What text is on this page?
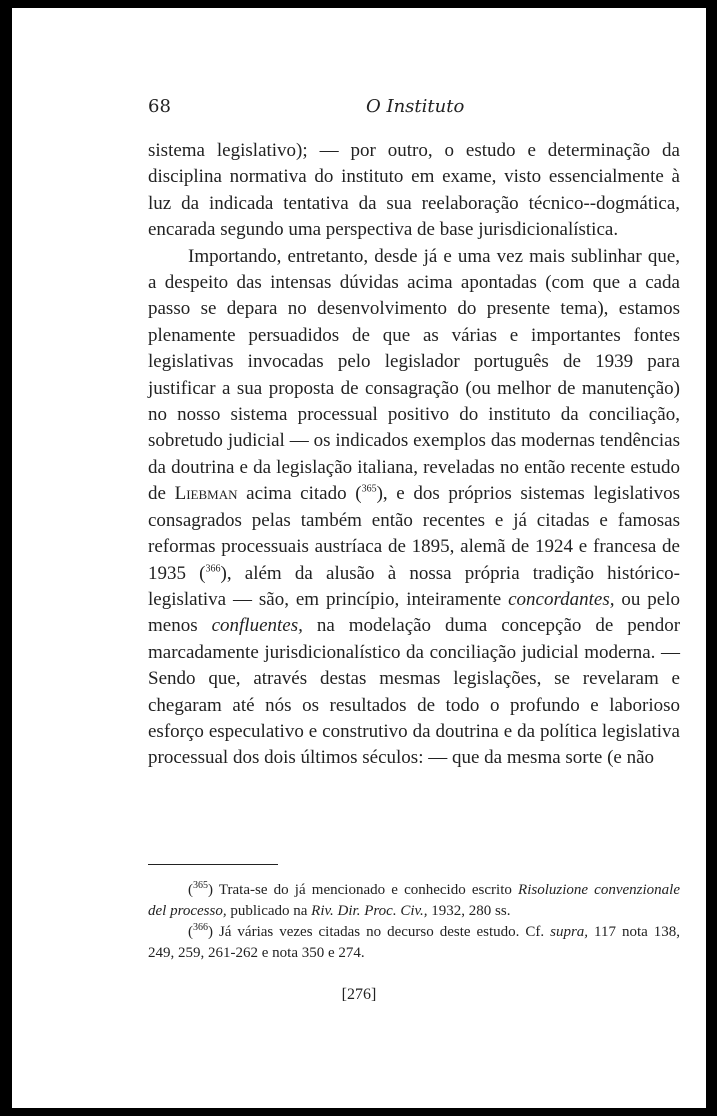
68	O Instituto

sistema legislativo); — por outro, o estudo e determinação da disciplina normativa do instituto em exame, visto essencialmente à luz da indicada tentativa da sua reelaboração técnico--dogmática, encarada segundo uma perspectiva de base jurisdicionalística.

Importando, entretanto, desde já e uma vez mais sublinhar que, a despeito das intensas dúvidas acima apontadas (com que a cada passo se depara no desenvolvimento do presente tema), estamos plenamente persuadidos de que as várias e importantes fontes legislativas invocadas pelo legislador português de 1939 para justificar a sua proposta de consagração (ou melhor de manutenção) no nosso sistema processual positivo do instituto da conciliação, sobretudo judicial — os indicados exemplos das modernas tendências da doutrina e da legislação italiana, reveladas no então recente estudo de Liebman acima citado ($^{365}$), e dos próprios sistemas legislativos consagrados pelas também então recentes e já citadas e famosas reformas processuais austríaca de 1895, alemã de 1924 e francesa de 1935 ($^{366}$), além da alusão à nossa própria tradição histórico-legislativa — são, em princípio, inteiramente concordantes, ou pelo menos confluentes, na modelação duma concepção de pendor marcadamente jurisdicionalístico da conciliação judicial moderna. — Sendo que, através destas mesmas legislações, se revelaram e chegaram até nós os resultados de todo o profundo e laborioso esforço especulativo e construtivo da doutrina e da política legislativa processual dos dois últimos séculos: — que da mesma sorte (e não

($^{365}$) Trata-se do já mencionado e conhecido escrito Risoluzione convenzionale del processo, publicado na Riv. Dir. Proc. Civ., 1932, 280 ss.

($^{366}$) Já várias vezes citadas no decurso deste estudo. Cf. supra, 117 nota 138, 249, 259, 261-262 e nota 350 e 274.

[276]
